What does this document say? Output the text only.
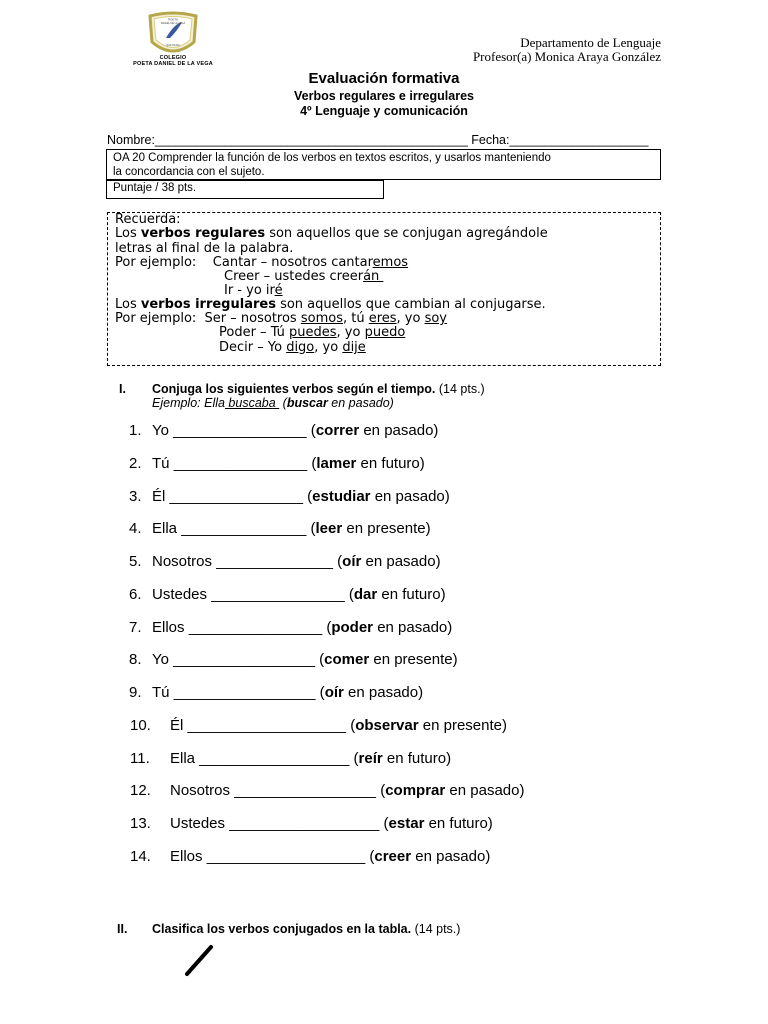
POETA
DANIEL DE LA VEGA
QUILICURA
COLEGIO
POETA DANIEL DE LA VEGA
Departamento de Lenguaje
Profesor(a) Monica Araya González
Evaluación formativa
Verbos regulares e irregulares
4º Lenguaje y comunicación
Nombre:_____________________________________________ Fecha:____________________
OA 20 Comprender la función de los verbos en textos escritos, y usarlos manteniendo
la concordancia con el sujeto.
Puntaje / 38 pts.
Recuerda:
Los verbos regulares son aquellos que se conjugan agregándole
letras al final de la palabra.
Por ejemplo:    Cantar – nosotros cantaremos
Creer – ustedes creerán
Ir - yo iré
Los verbos irregulares son aquellos que cambian al conjugarse.
Por ejemplo:  Ser – nosotros somos, tú eres, yo soy
Poder – Tú puedes, yo puedo
Decir – Yo digo, yo dije
I. Conjuga los siguientes verbos según el tiempo. (14 pts.)
Ejemplo: Ella buscaba  (buscar en pasado)
1. Yo ________________ (correr en pasado)
2. Tú ________________ (lamer en futuro)
3. Él ________________ (estudiar en pasado)
4. Ella _______________ (leer en presente)
5. Nosotros ______________ (oír en pasado)
6. Ustedes ________________ (dar en futuro)
7. Ellos ________________ (poder en pasado)
8. Yo _________________ (comer en presente)
9. Tú _________________ (oír en pasado)
10. Él ___________________ (observar en presente)
11. Ella __________________ (reír en futuro)
12. Nosotros _________________ (comprar en pasado)
13. Ustedes __________________ (estar en futuro)
14. Ellos ___________________ (creer en pasado)
II. Clasifica los verbos conjugados en la tabla. (14 pts.)
